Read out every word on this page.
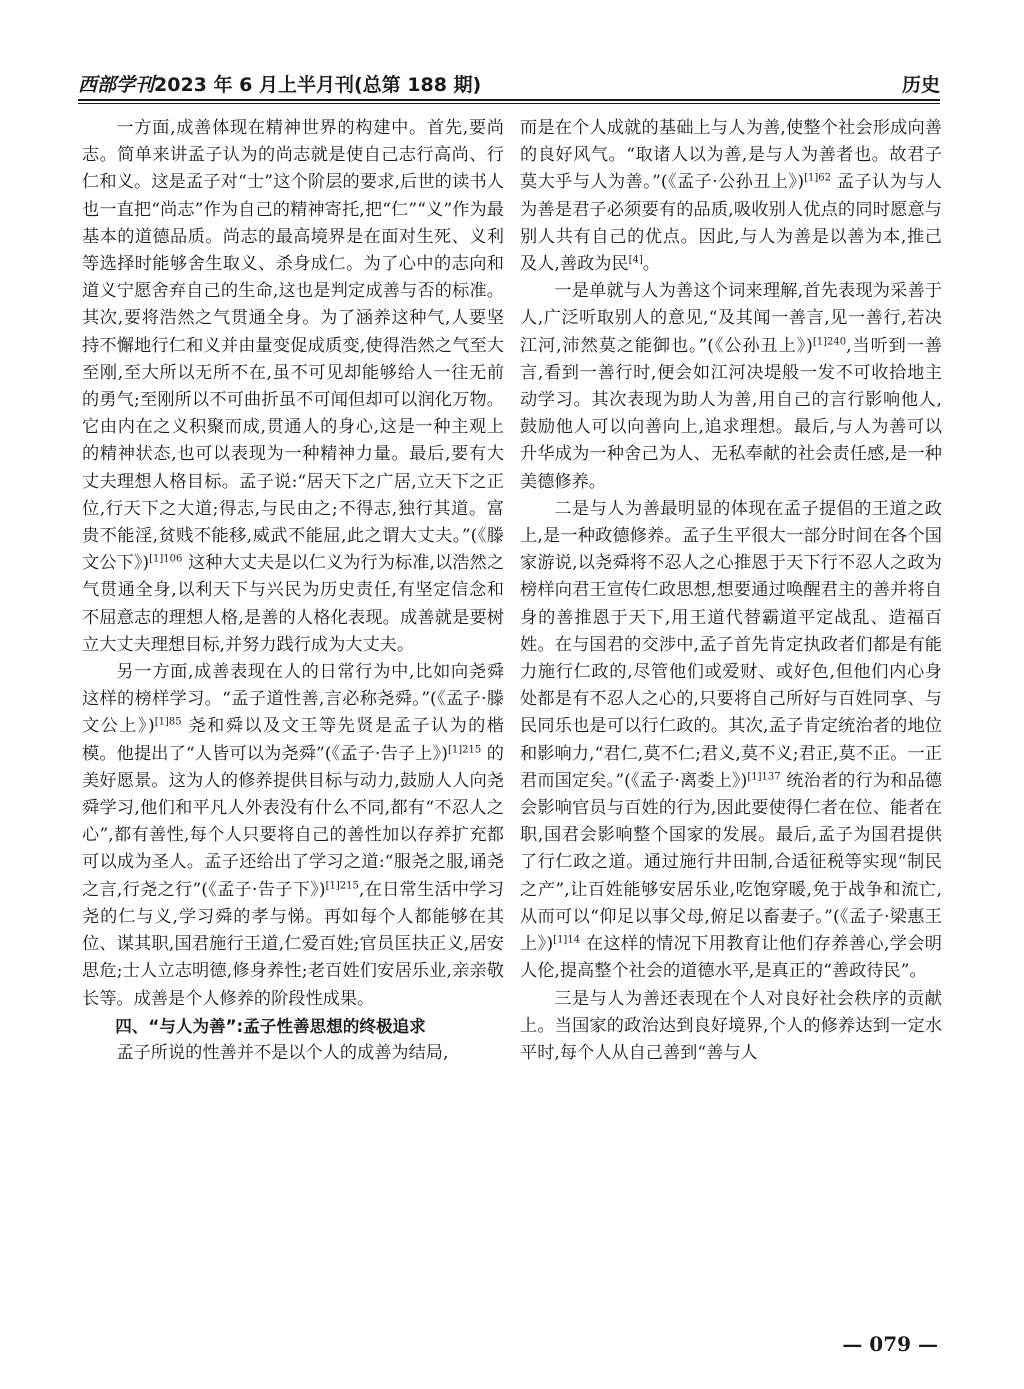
西部学刊2023 年 6 月上半月刊(总第 188 期)	历史

一方面,成善体现在精神世界的构建中。首先,要尚志。简单来讲孟子认为的尚志就是使自己志行高尚、行仁和义。这是孟子对“士”这个阶层的要求,后世的读书人也一直把“尚志”作为自己的精神寄托,把“仁”“义”作为最基本的道德品质。尚志的最高境界是在面对生死、义利等选择时能够舍生取义、杀身成仁。为了心中的志向和道义宁愿舍弃自己的生命,这也是判定成善与否的标准。其次,要将浩然之气贯通全身。为了涵养这种气,人要坚持不懈地行仁和义并由量变促成质变,使得浩然之气至大至刚,至大所以无所不在,虽不可见却能够给人一往无前的勇气;至刚所以不可曲折虽不可闻但却可以润化万物。它由内在之义积聚而成,贯通人的身心,这是一种主观上的精神状态,也可以表现为一种精神力量。最后,要有大丈夫理想人格目标。孟子说:“居天下之广居,立天下之正位,行天下之大道;得志,与民由之;不得志,独行其道。富贵不能淫,贫贱不能移,威武不能屈,此之谓大丈夫。”(《滕文公下》)$^{[1]106}$ 这种大丈夫是以仁义为行为标准,以浩然之气贯通全身,以利天下与兴民为历史责任,有坚定信念和不屈意志的理想人格,是善的人格化表现。成善就是要树立大丈夫理想目标,并努力践行成为大丈夫。

另一方面,成善表现在人的日常行为中,比如向尧舜这样的榜样学习。“孟子道性善,言必称尧舜。”(《孟子·滕文公上》)$^{[1]85}$ 尧和舜以及文王等先贤是孟子认为的楷模。他提出了“人皆可以为尧舜”(《孟子·告子上》)$^{[1]215}$ 的美好愿景。这为人的修养提供目标与动力,鼓励人人向尧舜学习,他们和平凡人外表没有什么不同,都有“不忍人之心”,都有善性,每个人只要将自己的善性加以存养扩充都可以成为圣人。孟子还给出了学习之道:“服尧之服,诵尧之言,行尧之行”(《孟子·告子下》)$^{[1]215}$,在日常生活中学习尧的仁与义,学习舜的孝与悌。再如每个人都能够在其位、谋其职,国君施行王道,仁爱百姓;官员匡扶正义,居安思危;士人立志明德,修身养性;老百姓们安居乐业,亲亲敬长等。成善是个人修养的阶段性成果。

四、“与人为善”:孟子性善思想的终极追求

孟子所说的性善并不是以个人的成善为结局,

而是在个人成就的基础上与人为善,使整个社会形成向善的良好风气。“取诸人以为善,是与人为善者也。故君子莫大乎与人为善。”(《孟子·公孙丑上》)$^{[1]62}$ 孟子认为与人为善是君子必须要有的品质,吸收别人优点的同时愿意与别人共有自己的优点。因此,与人为善是以善为本,推己及人,善政为民[4]。

一是单就与人为善这个词来理解,首先表现为采善于人,广泛听取别人的意见,“及其闻一善言,见一善行,若决江河,沛然莫之能御也。”(《公孙丑上》)$^{[1]240}$,当听到一善言,看到一善行时,便会如江河决堤般一发不可收拾地主动学习。其次表现为助人为善,用自己的言行影响他人,鼓励他人可以向善向上,追求理想。最后,与人为善可以升华成为一种舍己为人、无私奉献的社会责任感,是一种美德修养。

二是与人为善最明显的体现在孟子提倡的王道之政上,是一种政德修养。孟子生平很大一部分时间在各个国家游说,以尧舜将不忍人之心推恩于天下行不忍人之政为榜样向君王宣传仁政思想,想要通过唤醒君主的善并将自身的善推恩于天下,用王道代替霸道平定战乱、造福百姓。在与国君的交涉中,孟子首先肯定执政者们都是有能力施行仁政的,尽管他们或爱财、或好色,但他们内心身处都是有不忍人之心的,只要将自己所好与百姓同享、与民同乐也是可以行仁政的。其次,孟子肯定统治者的地位和影响力,“君仁,莫不仁;君义,莫不义;君正,莫不正。一正君而国定矣。”(《孟子·离娄上》)$^{[1]137}$ 统治者的行为和品德会影响官员与百姓的行为,因此要使得仁者在位、能者在职,国君会影响整个国家的发展。最后,孟子为国君提供了行仁政之道。通过施行井田制,合适征税等实现“制民之产”,让百姓能够安居乐业,吃饱穿暖,免于战争和流亡,从而可以“仰足以事父母,俯足以畜妻子。”(《孟子·梁惠王上》)$^{[1]14}$ 在这样的情况下用教育让他们存养善心,学会明人伦,提高整个社会的道德水平,是真正的“善政待民”。

三是与人为善还表现在个人对良好社会秩序的贡献上。当国家的政治达到良好境界,个人的修养达到一定水平时,每个人从自己善到“善与人

— 079 —
